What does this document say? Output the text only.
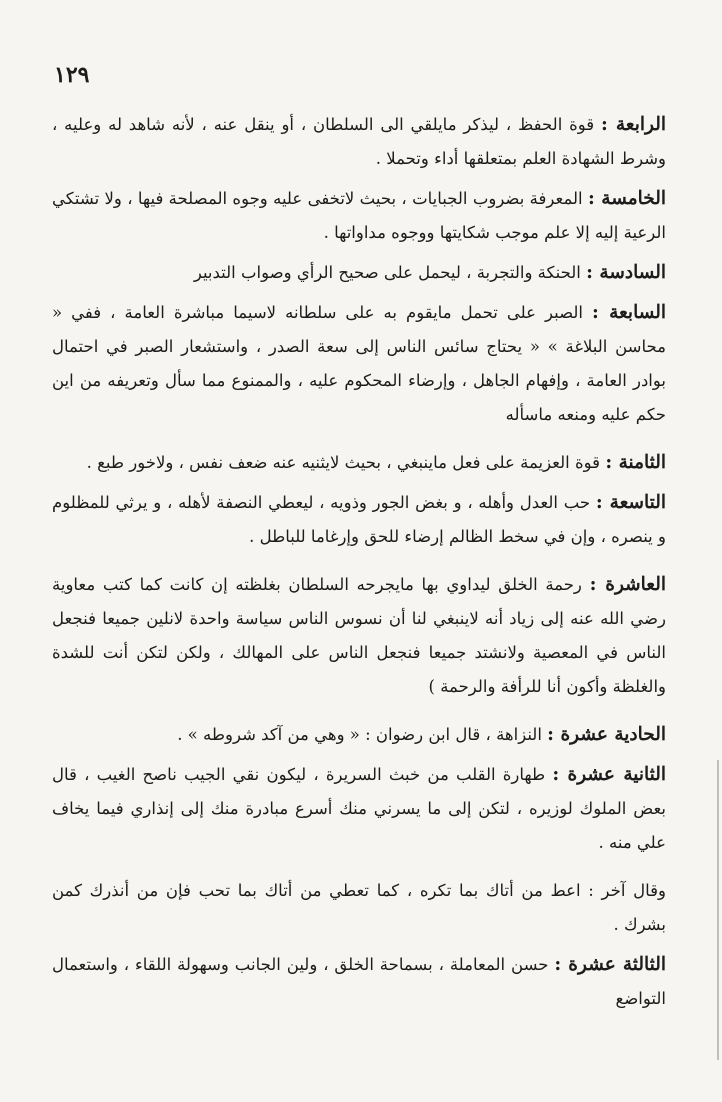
١٢٩

الرابعة : قوة الحفظ ، ليذكر مايلقي الى السلطان ، أو ينقل عنه ، لأنه شاهد له وعليه ، وشرط الشهادة العلم بمتعلقها أداء وتحملا .

الخامسة : المعرفة بضروب الجبايات ، بحيث لاتخفى عليه وجوه المصلحة فيها ، ولا تشتكي الرعية إليه إلا علم موجب شكايتها ووجوه مداواتها .

السادسة : الحنكة والتجربة ، ليحمل على صحيح الرأي وصواب التدبير

السابعة : الصبر على تحمل مايقوم به على سلطانه لاسيما مباشرة العامة ، ففي « محاسن البلاغة » « يحتاج سائس الناس إلى سعة الصدر ، واستشعار الصبر في احتمال بوادر العامة ، وإفهام الجاهل ، وإرضاء المحكوم عليه ، والممنوع مما سأل وتعريفه من اين حكم عليه ومنعه ماسأله

الثامنة : قوة العزيمة على فعل ماينبغي ، بحيث لايثنيه عنه ضعف نفس ، ولاخور طبع .

التاسعة : حب العدل وأهله ، و بغض الجور وذويه ، ليعطي النصفة لأهله ، و يرثي للمظلوم و ينصره ، وإن في سخط الظالم إرضاء للحق وإرغاما للباطل .

العاشرة : رحمة الخلق ليداوي بها مايجرحه السلطان بغلظته إن كانت كما كتب معاوية رضي الله عنه إلى زياد أنه لاينبغي لنا أن نسوس الناس سياسة واحدة لانلين جميعا فنجعل الناس في المعصية ولانشتد جميعا فنجعل الناس على المهالك ، ولكن لتكن أنت للشدة والغلظة وأكون أنا للرأفة والرحمة )

الحادية عشرة : النزاهة ، قال ابن رضوان : « وهي من آكد شروطه » .

الثانية عشرة : طهارة القلب من خبث السريرة ، ليكون نقي الجيب ناصح الغيب ، قال بعض الملوك لوزيره ، لتكن إلى ما يسرني منك أسرع مبادرة منك إلى إنذاري فيما يخاف علي منه .

وقال آخر : اعط من أتاك بما تكره ، كما تعطي من أتاك بما تحب فإن من أنذرك كمن بشرك .

الثالثة عشرة : حسن المعاملة ، بسماحة الخلق ، ولين الجانب وسهولة اللقاء ، واستعمال التواضع
